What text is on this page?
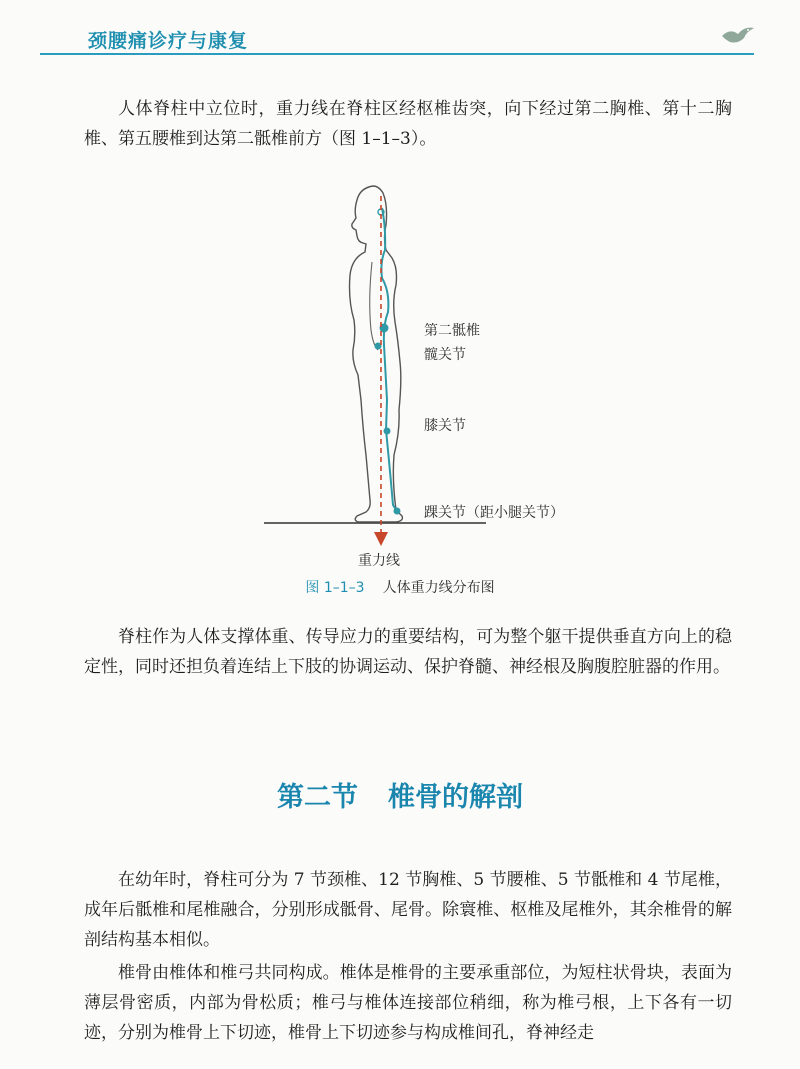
颈腰痛诊疗与康复

人体脊柱中立位时，重力线在脊柱区经枢椎齿突，向下经过第二胸椎、第十二胸椎、第五腰椎到达第二骶椎前方（图 1–1–3）。

第二骶椎
髋关节
膝关节
踝关节（距小腿关节）
重力线
图 1–1–3 人体重力线分布图

脊柱作为人体支撑体重、传导应力的重要结构，可为整个躯干提供垂直方向上的稳定性，同时还担负着连结上下肢的协调运动、保护脊髓、神经根及胸腹腔脏器的作用。

第二节 椎骨的解剖

在幼年时，脊柱可分为 7 节颈椎、12 节胸椎、5 节腰椎、5 节骶椎和 4 节尾椎，成年后骶椎和尾椎融合，分别形成骶骨、尾骨。除寰椎、枢椎及尾椎外，其余椎骨的解剖结构基本相似。

椎骨由椎体和椎弓共同构成。椎体是椎骨的主要承重部位，为短柱状骨块，表面为薄层骨密质，内部为骨松质；椎弓与椎体连接部位稍细，称为椎弓根，上下各有一切迹，分别为椎骨上下切迹，椎骨上下切迹参与构成椎间孔，脊神经走
